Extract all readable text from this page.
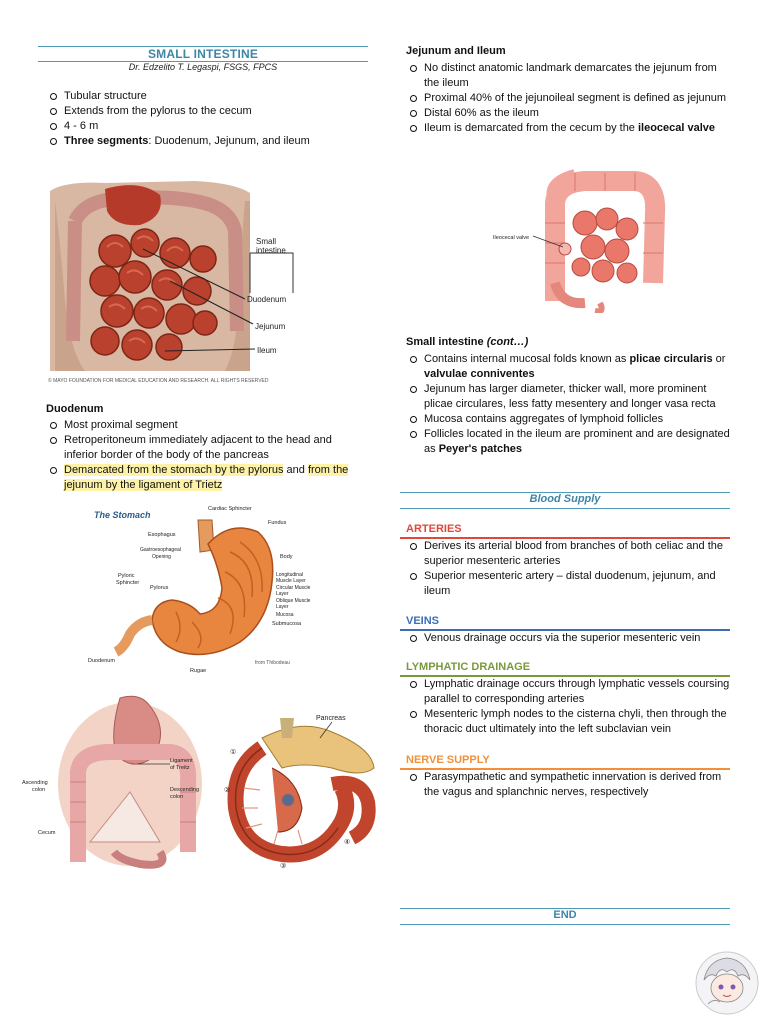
SMALL INTESTINE
Dr. Edzelito T. Legaspi, FSGS, FPCS
Tubular structure
Extends from the pylorus to the cecum
4 - 6 m
Three segments: Duodenum, Jejunum, and ileum
Small
intestine
Duodenum
Jejunum
Ileum
© MAYO FOUNDATION FOR MEDICAL EDUCATION AND RESEARCH. ALL RIGHTS RESERVED
Duodenum
Most proximal segment
Retroperitoneum immediately adjacent to the head and inferior border of the body of the pancreas
Demarcated from the stomach by the pylorus and from the jejunum by the ligament of Trietz
The Stomach
Cardiac Sphincter
Fundus
Esophagus
Gastroesophageal
Opening	Body
Longitudinal
Muscle Layer
Circular Muscle
Layer
Oblique Muscle
Layer
Mucosa
Submucosa
Pyloric
Sphincter
Pylorus
Duodenum
Rugae
from Thibodeau
Ligament
of Treitz
Ascending
colon	Descending
colon
Cecum
Pancreas
①
②
④
③
Jejunum and Ileum
No distinct anatomic landmark demarcates the jejunum from the ileum
Proximal 40% of the jejunoileal segment is defined as jejunum
Distal 60% as the ileum
Ileum is demarcated from the cecum by the ileocecal valve
Ileocecal valve
Small intestine (cont…)
Contains internal mucosal folds known as plicae circularis or valvulae conniventes
Jejunum has larger diameter, thicker wall, more prominent plicae circulares, less fatty mesentery and longer vasa recta
Mucosa contains aggregates of lymphoid follicles
Follicles located in the ileum are prominent and are designated as Peyer's patches
Blood Supply
ARTERIES
Derives its arterial blood from branches of both celiac and the superior mesenteric arteries
Superior mesenteric artery – distal duodenum, jejunum, and ileum
VEINS
Venous drainage occurs via the superior mesenteric vein
LYMPHATIC DRAINAGE
Lymphatic drainage occurs through lymphatic vessels coursing parallel to corresponding arteries
Mesenteric lymph nodes to the cisterna chyli, then through the thoracic duct ultimately into the left subclavian vein
NERVE SUPPLY
Parasympathetic and sympathetic innervation is derived from the vagus and splanchnic nerves, respectively
END
